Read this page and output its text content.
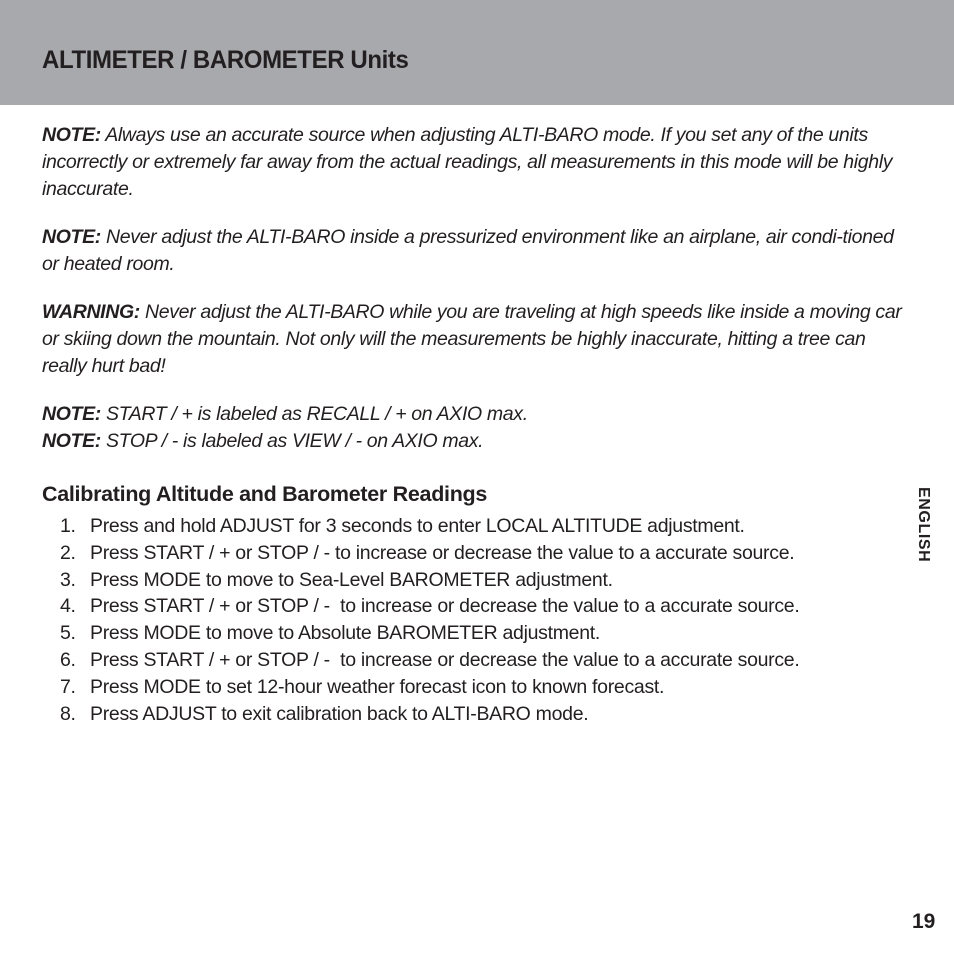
ALTIMETER / BAROMETER Units

NOTE: Always use an accurate source when adjusting ALTI-BARO mode. If you set any of the units incorrectly or extremely far away from the actual readings, all measurements in this mode will be highly inaccurate.

NOTE: Never adjust the ALTI-BARO inside a pressurized environment like an airplane, air condi-tioned or heated room.

WARNING: Never adjust the ALTI-BARO while you are traveling at high speeds like inside a moving car or skiing down the mountain. Not only will the measurements be highly inaccurate, hitting a tree can really hurt bad!

NOTE: START / + is labeled as RECALL / + on AXIO max.

NOTE: STOP / - is labeled as VIEW / - on AXIO max.

Calibrating Altitude and Barometer Readings
1. Press and hold ADJUST for 3 seconds to enter LOCAL ALTITUDE adjustment.
2. Press START / + or STOP / - to increase or decrease the value to a accurate source.
3. Press MODE to move to Sea-Level BAROMETER adjustment.
4. Press START / + or STOP / -  to increase or decrease the value to a accurate source.
5. Press MODE to move to Absolute BAROMETER adjustment.
6. Press START / + or STOP / -  to increase or decrease the value to a accurate source.
7. Press MODE to set 12-hour weather forecast icon to known forecast.
8. Press ADJUST to exit calibration back to ALTI-BARO mode.
ENGLISH
19
